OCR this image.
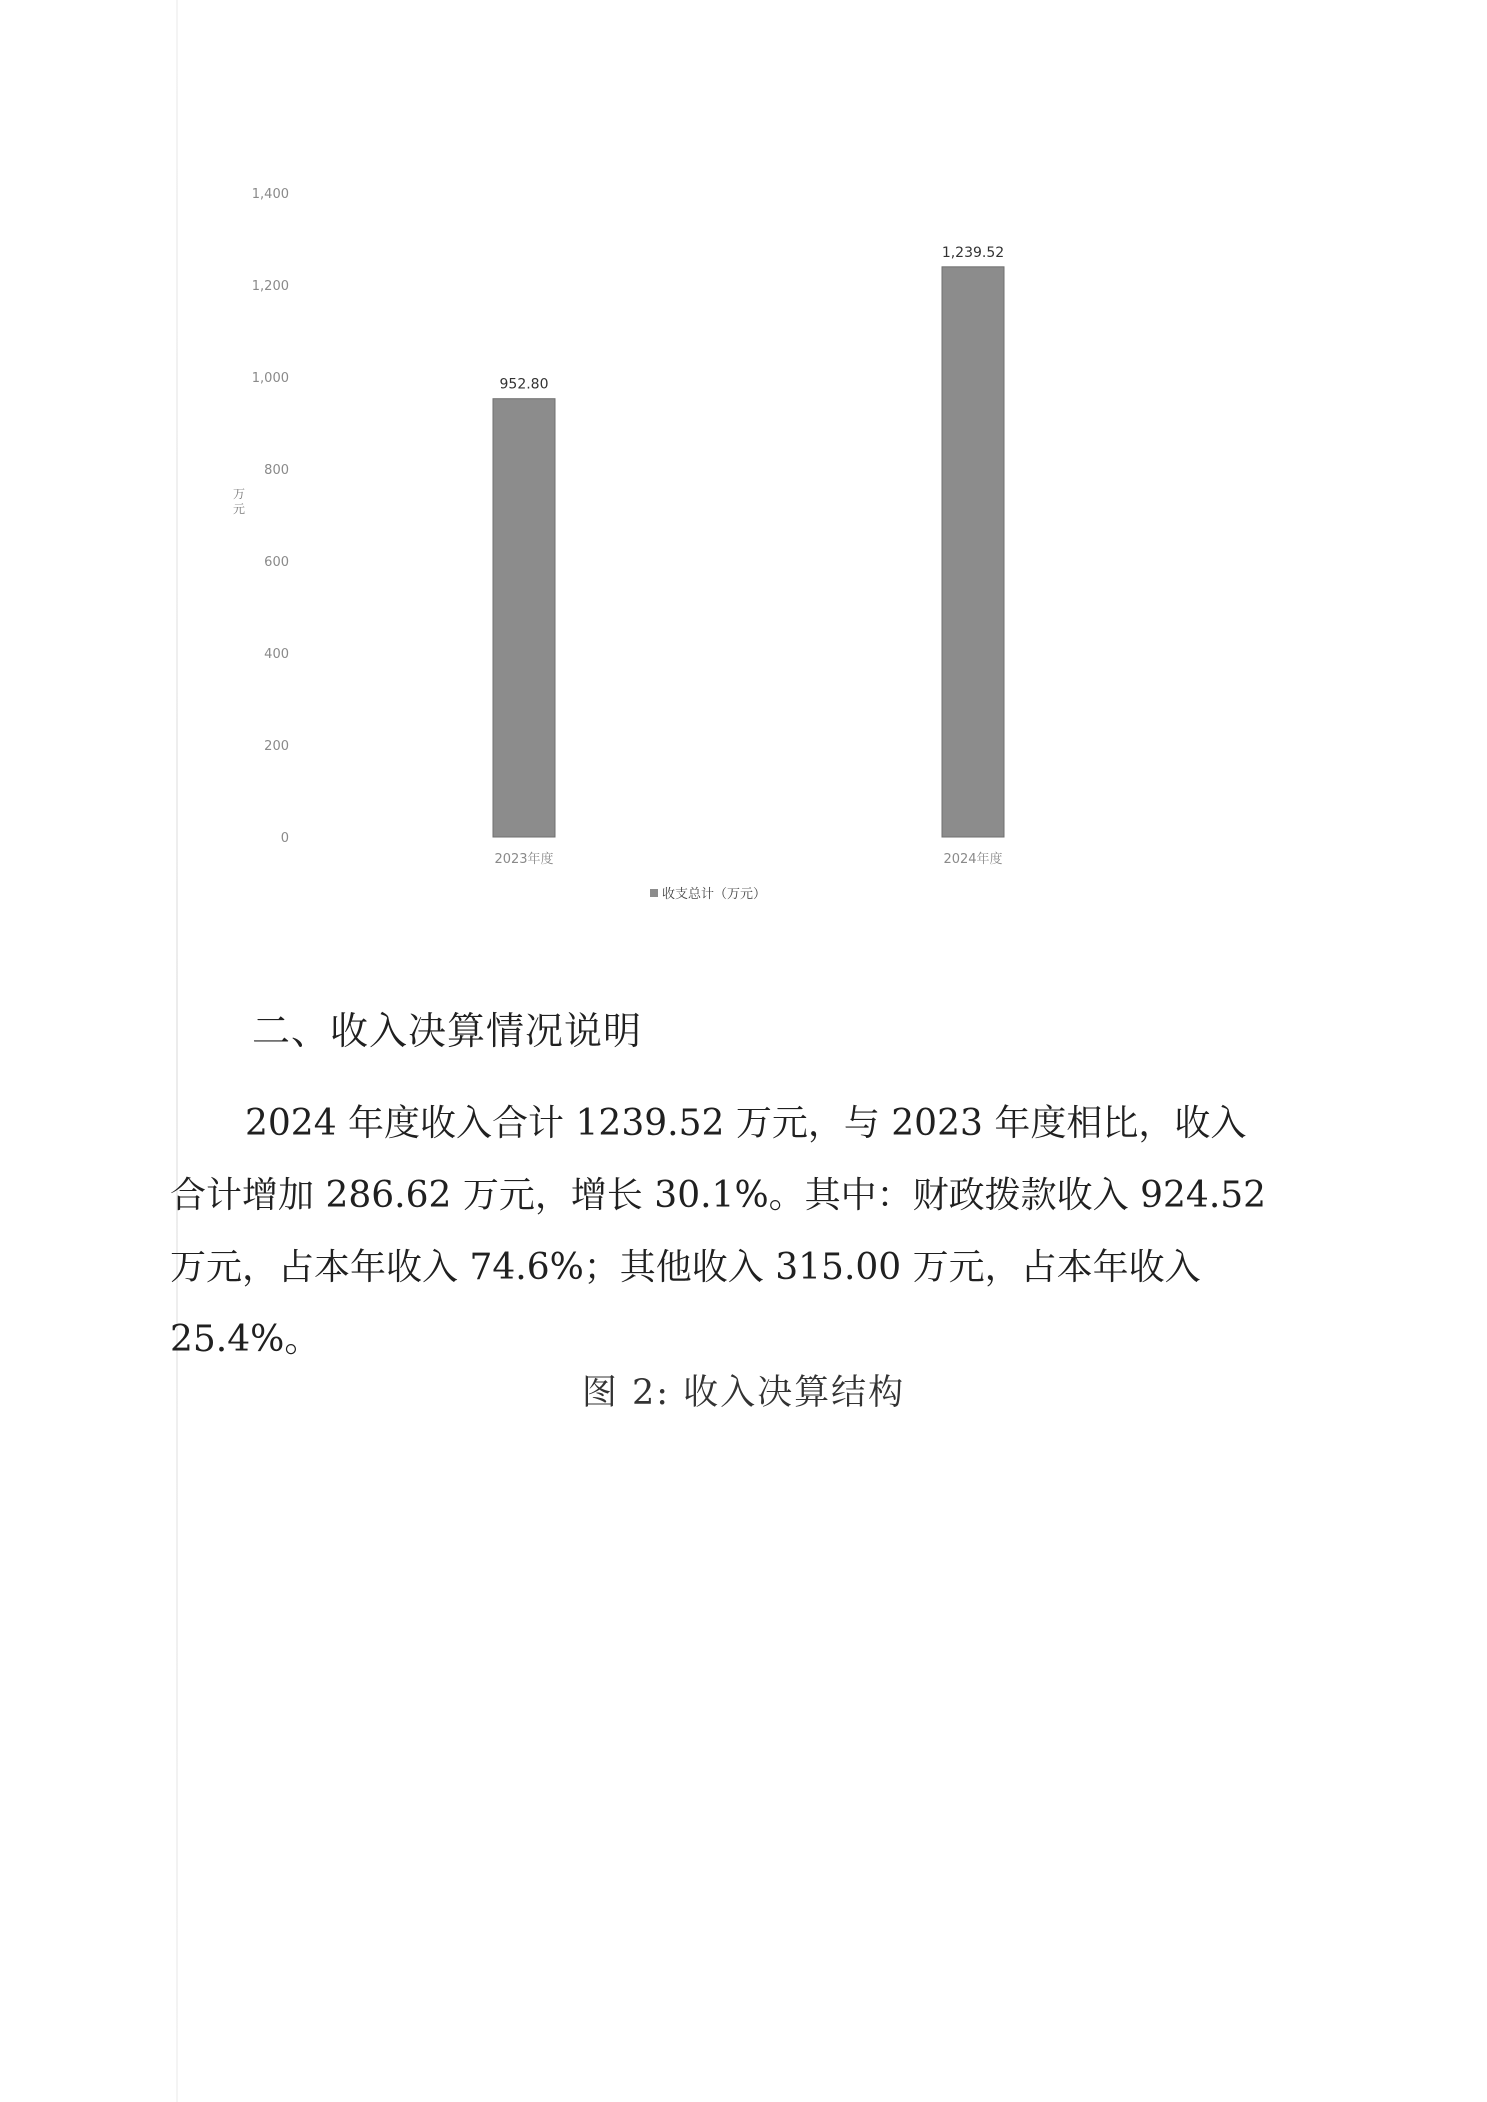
0
200
400
600
800
1,000
1,200
1,400
万元
952.80
1,239.52
2023年度	2024年度
收支总计（万元）
二、收入决算情况说明

2024 年度收入合计 1239.52 万元，与 2023 年度相比，收入
合计增加 286.62 万元，增长 30.1%。其中：财政拨款收入 924.52
万元，占本年收入 74.6%；其他收入 315.00 万元，占本年收入
25.4%。

图 2: 收入决算结构
